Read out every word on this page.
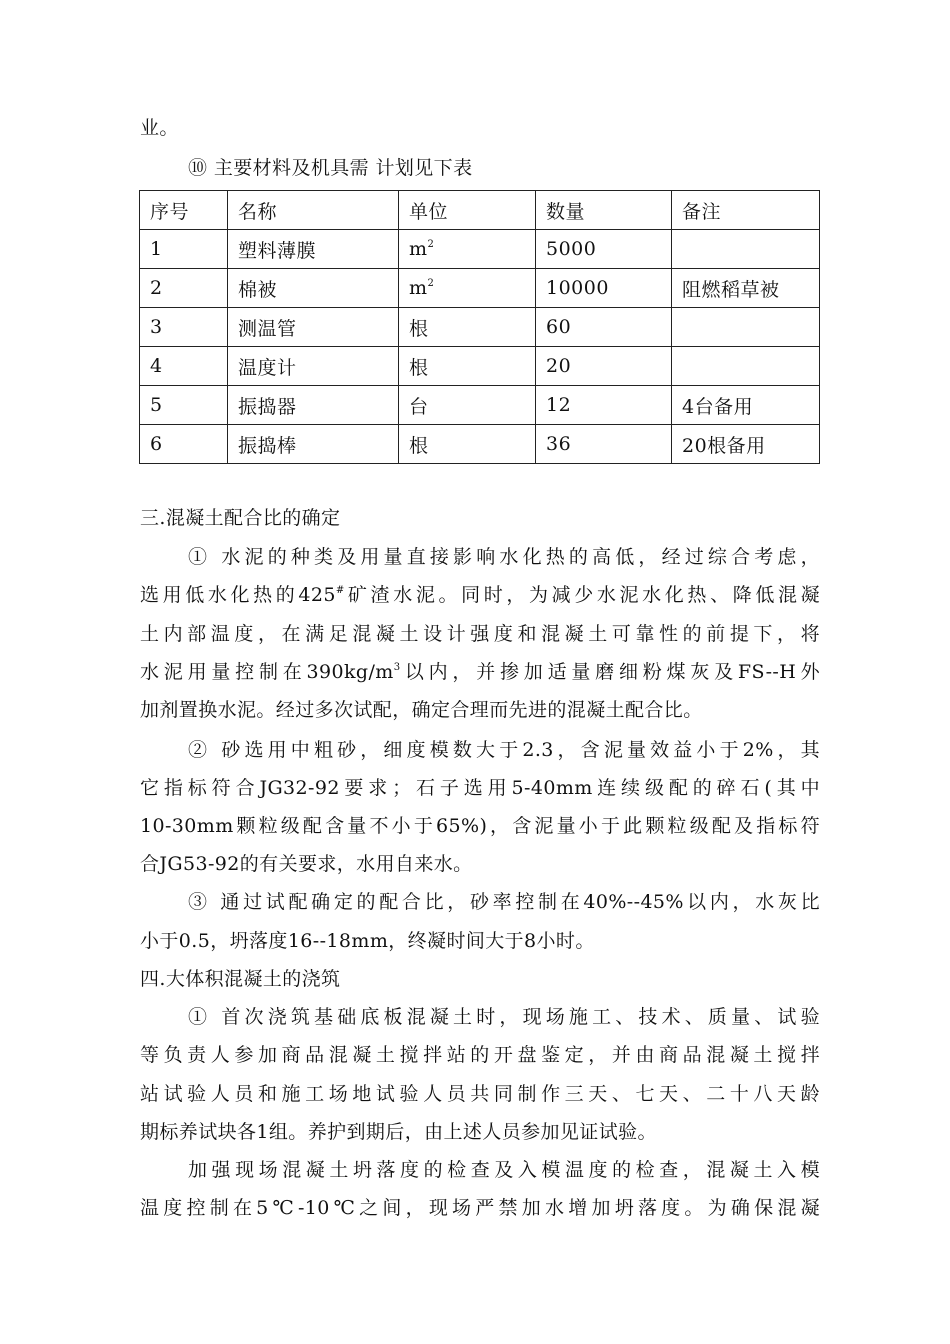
业。
⑩ 主要材料及机具需 计划见下表
序号	名称	单位	数量	备注
1	塑料薄膜	$m^2$	5000	
2	棉被	$m^2$	10000	阻燃稻草被
3	测温管	根	60	
4	温度计	根	20	
5	振捣器	台	12	4台备用
6	振捣棒	根	36	20根备用
三.混凝土配合比的确定
① 水泥的种类及用量直接影响水化热的高低，经过综合考虑，
选用低水化热的425#矿渣水泥。同时，为减少水泥水化热、降低混凝
土内部温度，在满足混凝土设计强度和混凝土可靠性的前提下，将
水泥用量控制在$390kg/m^3$以内，并掺加适量磨细粉煤灰及FS--H外
加剂置换水泥。经过多次试配，确定合理而先进的混凝土配合比。
② 砂选用中粗砂，细度模数大于2.3，含泥量效益小于2%，其
它指标符合JG32-92要求；石子选用5-40mm连续级配的碎石(其中
10-30mm颗粒级配含量不小于65%)，含泥量小于此颗粒级配及指标符
合JG53-92的有关要求，水用自来水。
③ 通过试配确定的配合比，砂率控制在40%--45%以内，水灰比
小于0.5，坍落度16--18mm，终凝时间大于8小时。
四.大体积混凝土的浇筑
① 首次浇筑基础底板混凝土时，现场施工、技术、质量、试验
等负责人参加商品混凝土搅拌站的开盘鉴定，并由商品混凝土搅拌
站试验人员和施工场地试验人员共同制作三天、七天、二十八天龄
期标养试块各1组。养护到期后，由上述人员参加见证试验。
加强现场混凝土坍落度的检查及入模温度的检查，混凝土入模
温度控制在5℃-10℃之间，现场严禁加水增加坍落度。为确保混凝
